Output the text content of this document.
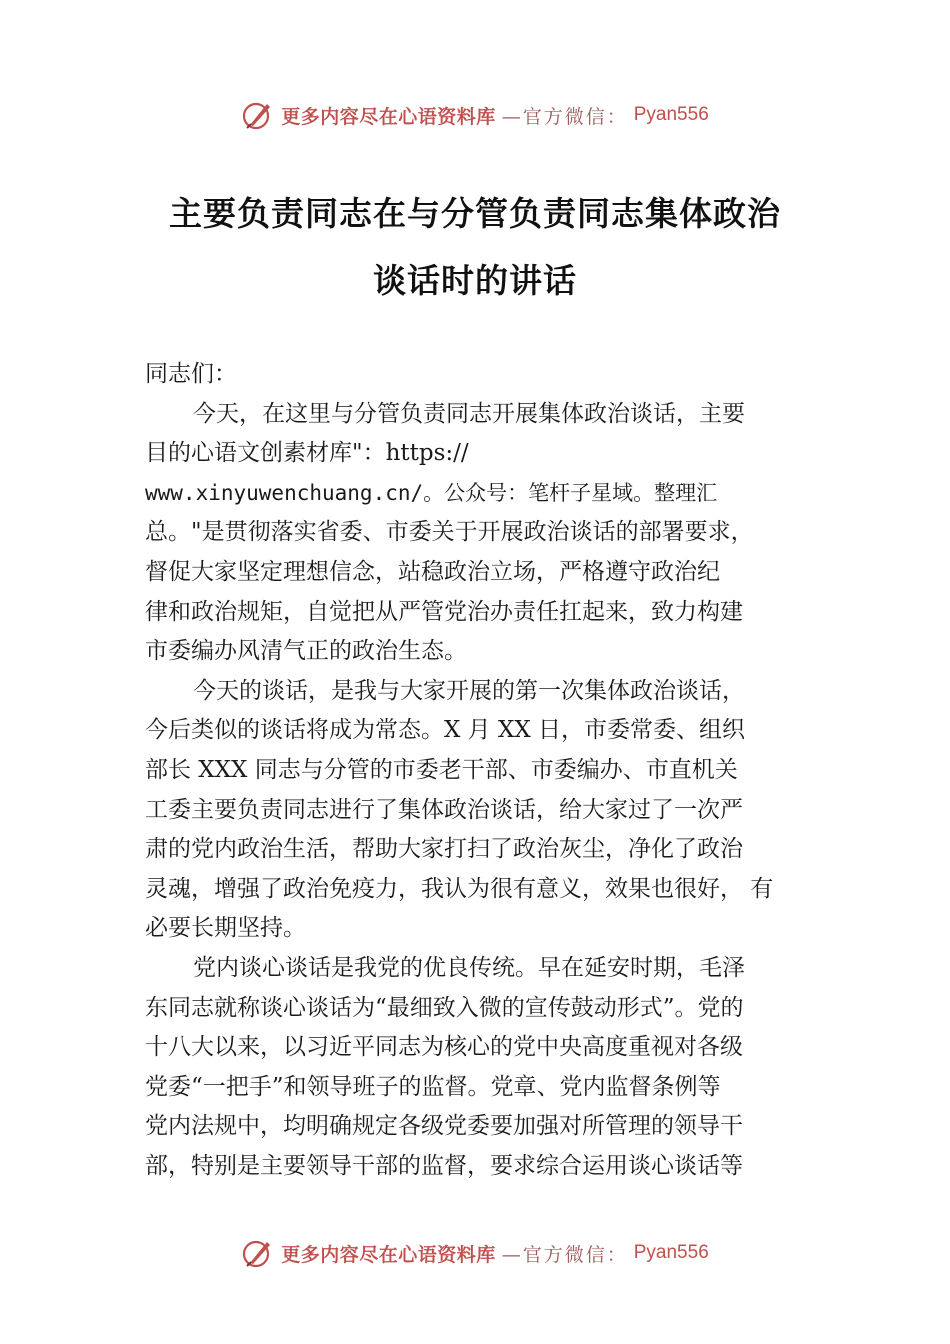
更多内容尽在心语资料库 —官方微信： Pyan556
主要负责同志在与分管负责同志集体政治
谈话时的讲话
同志们：
今天，在这里与分管负责同志开展集体政治谈话，主要
目的心语文创素材库"：https://
www.xinyuwenchuang.cn/。公众号：笔杆子星域。整理汇
总。"是贯彻落实省委、市委关于开展政治谈话的部署要求，
督促大家坚定理想信念，站稳政治立场，严格遵守政治纪
律和政治规矩，自觉把从严管党治办责任扛起来，致力构建
市委编办风清气正的政治生态。
今天的谈话，是我与大家开展的第一次集体政治谈话，
今后类似的谈话将成为常态。X 月 XX 日，市委常委、组织
部长 XXX 同志与分管的市委老干部、市委编办、市直机关
工委主要负责同志进行了集体政治谈话，给大家过了一次严
肃的党内政治生活，帮助大家打扫了政治灰尘，净化了政治
灵魂，增强了政治免疫力，我认为很有意义，效果也很好， 有
必要长期坚持。
党内谈心谈话是我党的优良传统。早在延安时期，毛泽
东同志就称谈心谈话为“最细致入微的宣传鼓动形式”。党的
十八大以来，以习近平同志为核心的党中央高度重视对各级
党委“一把手”和领导班子的监督。党章、党内监督条例等
党内法规中，均明确规定各级党委要加强对所管理的领导干
部，特别是主要领导干部的监督，要求综合运用谈心谈话等
更多内容尽在心语资料库 —官方微信： Pyan556
